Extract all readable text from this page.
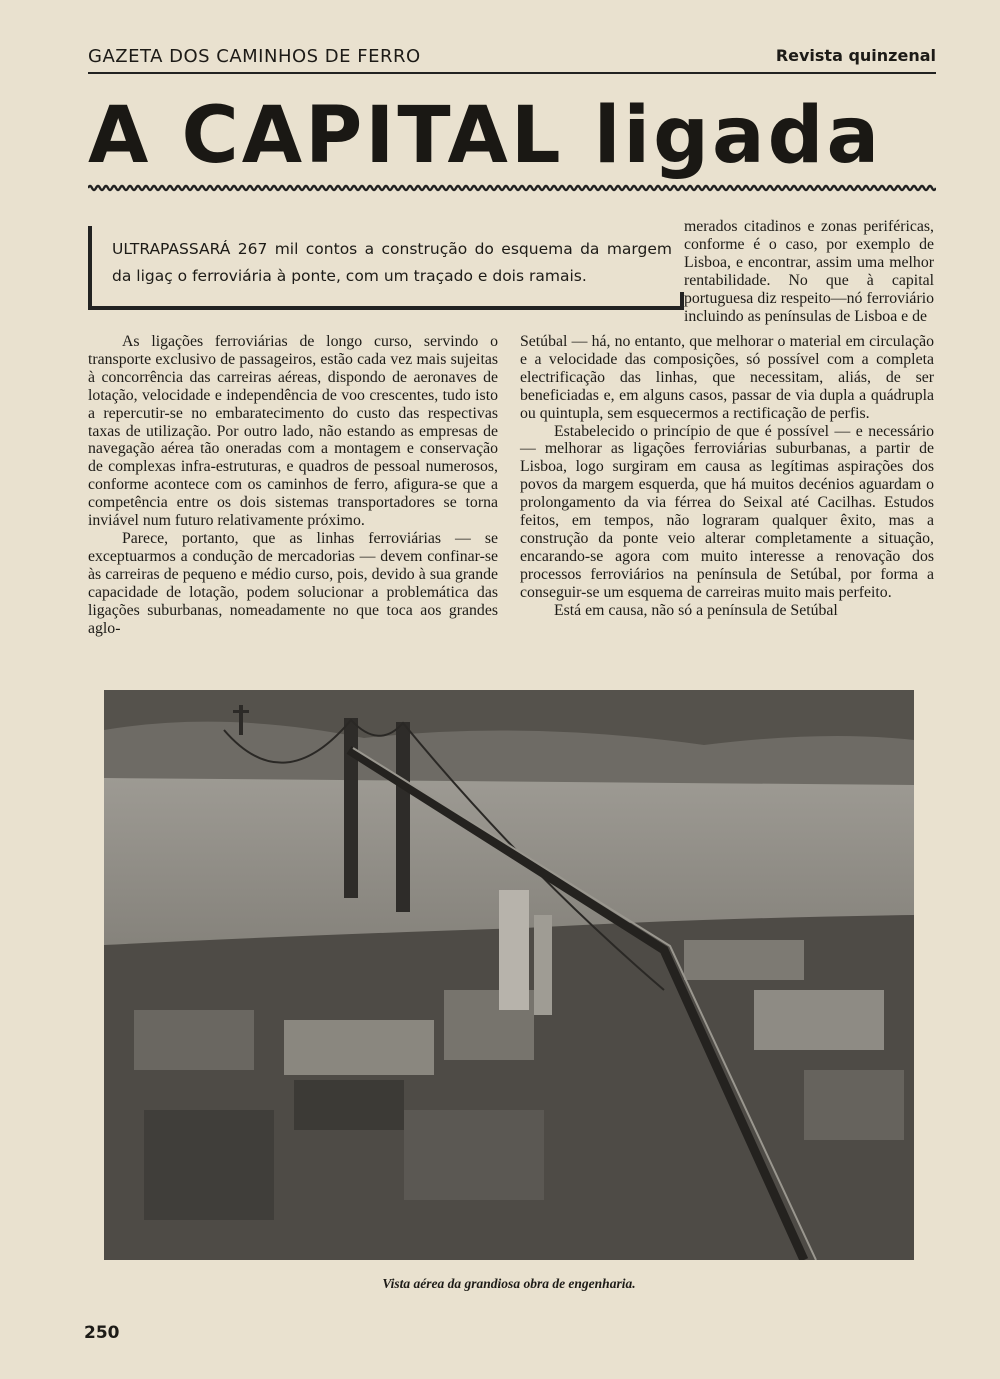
GAZETA DOS CAMINHOS DE FERRO	Revista quinzenal
A CAPITAL ligada
ULTRAPASSARÁ 267 mil contos a construção do esquema da margem da ligaç o ferroviária à ponte, com um traçado e dois ramais.

As ligações ferroviárias de longo curso, servindo o transporte exclusivo de passageiros, estão cada vez mais sujeitas à concorrência das carreiras aéreas, dispondo de aeronaves de lotação, velocidade e independência de voo crescentes, tudo isto a repercutir-se no embaratecimento do custo das respectivas taxas de utilização. Por outro lado, não estando as empresas de navegação aérea tão oneradas com a montagem e conservação de complexas infra-estruturas, e quadros de pessoal numerosos, conforme acontece com os caminhos de ferro, afigura-se que a competência entre os dois sistemas transportadores se torna inviável num futuro relativamente próximo.

Parece, portanto, que as linhas ferroviárias — se exceptuarmos a condução de mercadorias — devem confinar-se às carreiras de pequeno e médio curso, pois, devido à sua grande capacidade de lotação, podem solucionar a problemática das ligações suburbanas, nomeadamente no que toca aos grandes aglo-

merados citadinos e zonas periféricas, conforme é o caso, por exemplo de Lisboa, e encontrar, assim uma melhor rentabilidade. No que à capital portuguesa diz respeito—nó ferroviário incluindo as penínsulas de Lisboa e de

Setúbal — há, no entanto, que melhorar o material em circulação e a velocidade das composições, só possível com a completa electrificação das linhas, que necessitam, aliás, de ser beneficiadas e, em alguns casos, passar de via dupla a quádrupla ou quintupla, sem esquecermos a rectificação de perfis.

Estabelecido o princípio de que é possível — e necessário — melhorar as ligações ferroviárias suburbanas, a partir de Lisboa, logo surgiram em causa as legítimas aspirações dos povos da margem esquerda, que há muitos decénios aguardam o prolongamento da via férrea do Seixal até Cacilhas. Estudos feitos, em tempos, não lograram qualquer êxito, mas a construção da ponte veio alterar completamente a situação, encarando-se agora com muito interesse a renovação dos processos ferroviários na península de Setúbal, por forma a conseguir-se um esquema de carreiras muito mais perfeito.

Está em causa, não só a península de Setúbal

Vista aérea da grandiosa obra de engenharia.
250
